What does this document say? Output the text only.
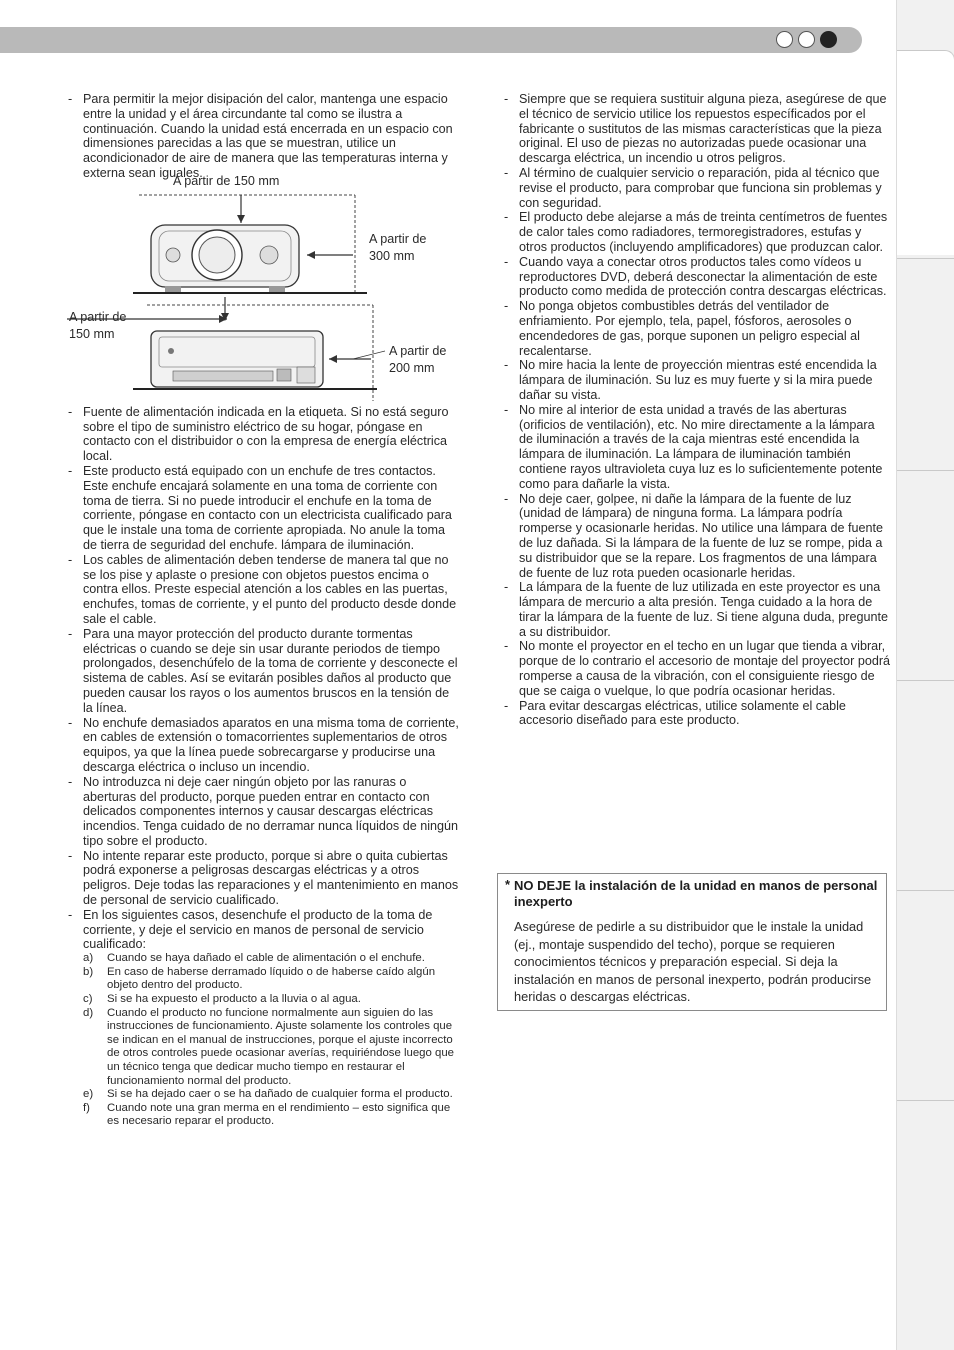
- Para permitir la mejor disipación del calor, mantenga une espacio entre la unidad y el área circundante tal como se ilustra a continuación. Cuando la unidad está encerrada en un espacio con dimensiones parecidas a las que se muestran, utilice un acondicionador de aire de manera que las temperaturas interna y externa sean iguales.
A partir de 150 mm
A partir de
300 mm
A partir de
150 mm
A partir de
200 mm
- Fuente de alimentación indicada en la etiqueta. Si no está seguro sobre el tipo de suministro eléctrico de su hogar, póngase en contacto con el distribuidor o con la empresa de energía eléctrica local.
- Este producto está equipado con un enchufe de tres contactos. Este enchufe encajará solamente en una toma de corriente con toma de tierra. Si no puede introducir el enchufe en la toma de corriente, póngase en contacto con un electricista cualificado para que le instale una toma de corriente apropiada. No anule la toma de tierra de seguridad del enchufe. lámpara de iluminación.
- Los cables de alimentación deben tenderse de manera tal que no se los pise y aplaste o presione con objetos puestos encima o contra ellos. Preste especial atención a los cables en las puertas, enchufes, tomas de corriente, y el punto del producto desde donde sale el cable.
- Para una mayor protección del producto durante tormentas eléctricas o cuando se deje sin usar durante periodos de tiempo prolongados, desenchúfelo de la toma de corriente y desconecte el sistema de cables. Así se evitarán posibles daños al producto que pueden causar los rayos o los aumentos bruscos en la tensión de la línea.
- No enchufe demasiados aparatos en una misma toma de corriente, en cables de extensión o tomacorrientes suplementarios de otros equipos, ya que la línea puede sobrecargarse y producirse una descarga eléctrica o incluso un incendio.
- No introduzca ni deje caer ningún objeto por las ranuras o aberturas del producto, porque pueden entrar en contacto con delicados componentes internos y causar descargas eléctricas incendios. Tenga cuidado de no derramar nunca líquidos de ningún tipo sobre el producto.
- No intente reparar este producto, porque si abre o quita cubiertas podrá exponerse a peligrosas descargas eléctricas y a otros peligros. Deje todas las reparaciones y el mantenimiento en manos de personal de servicio cualificado.
- En los siguientes casos, desenchufe el producto de la toma de corriente, y deje el servicio en manos de personal de servicio cualificado:
a) Cuando se haya dañado el cable de alimentación o el enchufe.
b) En caso de haberse derramado líquido o de haberse caído algún objeto dentro del producto.
c) Si se ha expuesto el producto a la lluvia o al agua.
d) Cuando el producto no funcione normalmente aun siguien do las instrucciones de funcionamiento. Ajuste solamente los controles que se indican en el manual de instrucciones, porque el ajuste incorrecto de otros controles puede ocasionar averías, requiriéndose luego que un técnico tenga que dedicar mucho tiempo en restaurar el funcionamiento normal del producto.
e) Si se ha dejado caer o se ha dañado de cualquier forma el producto.
f) Cuando note una gran merma en el rendimiento – esto significa que es necesario reparar el producto.
- Siempre que se requiera sustituir alguna pieza, asegúrese de que el técnico de servicio utilice los repuestos específicados por el fabricante o sustitutos de las mismas características que la pieza original. El uso de piezas no autorizadas puede ocasionar una descarga eléctrica, un incendio u otros peligros.
- Al término de cualquier servicio o reparación, pida al técnico que revise el producto, para comprobar que funciona sin problemas y con seguridad.
- El producto debe alejarse a más de treinta centímetros de fuentes de calor tales como radiadores, termoregistradores, estufas y otros productos (incluyendo amplificadores) que produzcan calor.
- Cuando vaya a conectar otros productos tales como vídeos u reproductores DVD, deberá desconectar la alimentación de este producto como medida de protección contra descargas eléctricas.
- No ponga objetos combustibles detrás del ventilador de enfriamiento. Por ejemplo, tela, papel, fósforos, aerosoles o encendedores de gas, porque suponen un peligro especial al recalentarse.
- No mire hacia la lente de proyección mientras esté encendida la lámpara de iluminación. Su luz es muy fuerte y si la mira puede dañar su vista.
- No mire al interior de esta unidad a través de las aberturas (orificios de ventilación), etc. No mire directamente a la lámpara de iluminación a través de la caja mientras esté encendida la lámpara de iluminación. La lámpara de iluminación también contiene rayos ultravioleta cuya luz es lo suficientemente potente como para dañarle la vista.
- No deje caer, golpee, ni dañe la lámpara de la fuente de luz (unidad de lámpara) de ninguna forma. La lámpara podría romperse y ocasionarle heridas. No utilice una lámpara de fuente de luz dañada. Si la lámpara de la fuente de luz se rompe, pida a su distribuidor que se la repare. Los fragmentos de una lámpara de fuente de luz rota pueden ocasionarle heridas.
- La lámpara de la fuente de luz utilizada en este proyector es una lámpara de mercurio a alta presión. Tenga cuidado a la hora de tirar la lámpara de la fuente de luz. Si tiene alguna duda, pregunte a su distribuidor.
- No monte el proyector en el techo en un lugar que tienda a vibrar, porque de lo contrario el accesorio de montaje del proyector podrá romperse a causa de la vibración, con el consiguiente riesgo de que se caiga o vuelque, lo que podría ocasionar heridas.
- Para evitar descargas eléctricas, utilice solamente el cable accesorio diseñado para este producto.
* NO DEJE la instalación de la unidad en manos de personal inexperto
Asegúrese de pedirle a su distribuidor que le instale la unidad (ej., montaje suspendido del techo), porque se requieren conocimientos técnicos y preparación especial. Si deja la instalación en manos de personal inexperto, podrán producirse heridas o descargas eléctricas.
